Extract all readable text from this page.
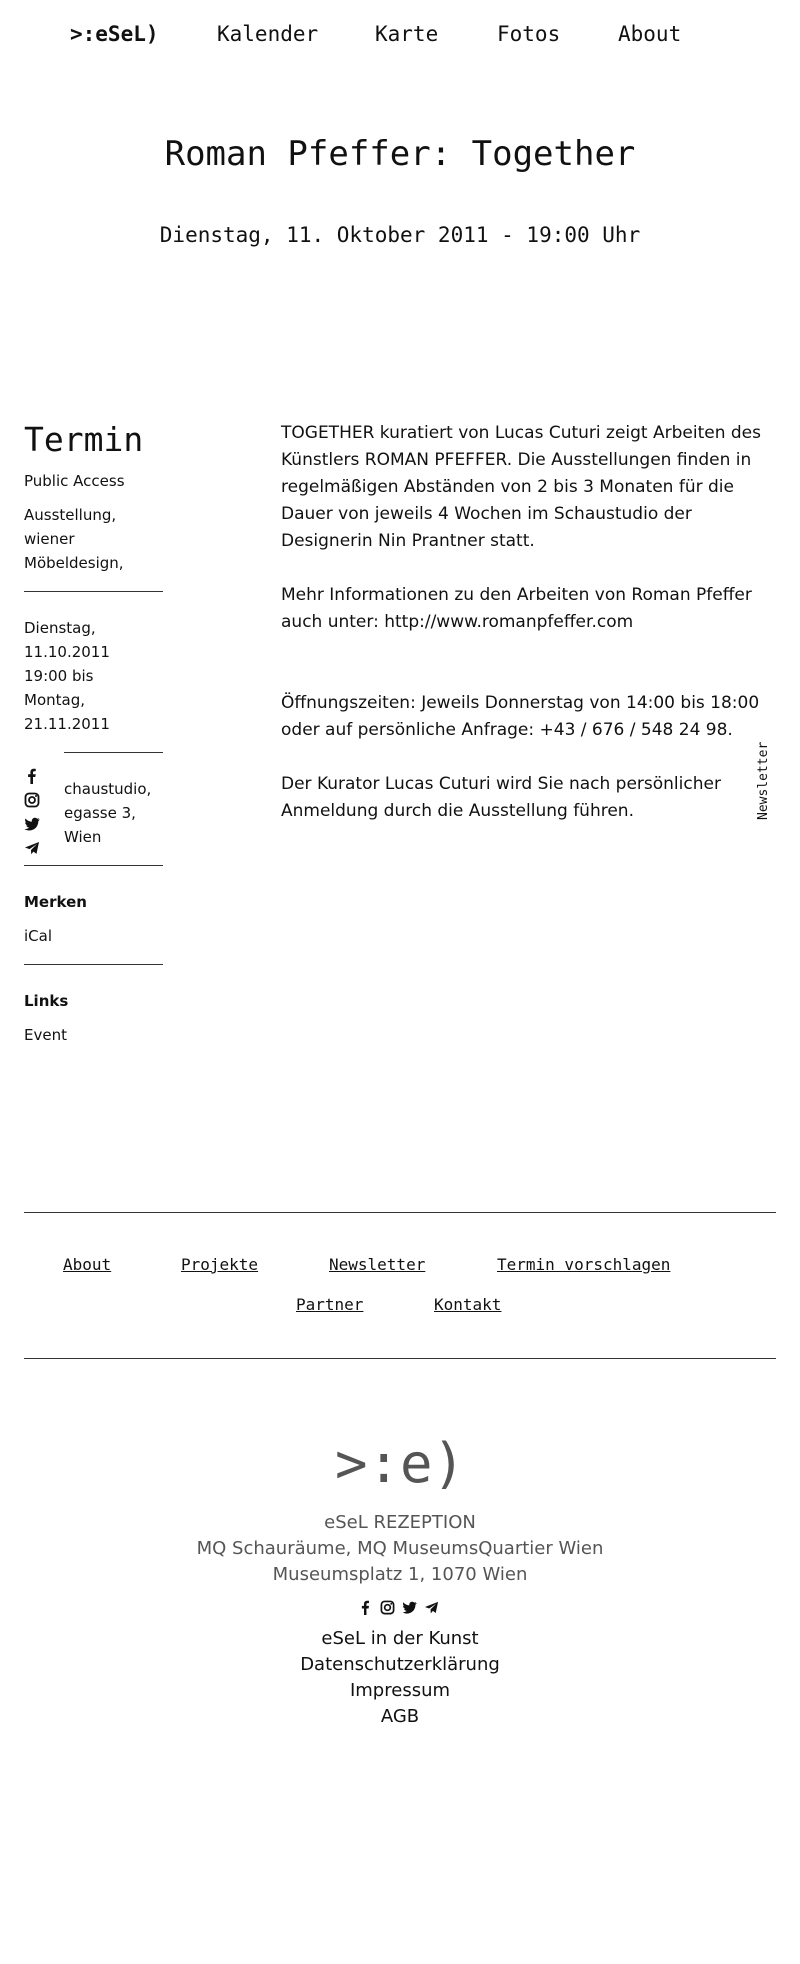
>:eSeL)	Kalender	Karte	Fotos	About
Roman Pfeffer: Together
Dienstag, 11. Oktober 2011 - 19:00 Uhr
Termin
Public Access
Ausstellung, wiener Möbeldesign,
Dienstag, 11.10.2011 19:00 bis Montag, 21.11.2011
chaustudio, egasse 3, Wien
Merken
iCal
Links
Event

TOGETHER kuratiert von Lucas Cuturi zeigt Arbeiten des Künstlers ROMAN PFEFFER. Die Ausstellungen finden in regelmäßigen Abständen von 2 bis 3 Monaten für die Dauer von jeweils 4 Wochen im Schaustudio der Designerin Nin Prantner statt.

Mehr Informationen zu den Arbeiten von Roman Pfeffer auch unter: http://www.romanpfeffer.com

Öffnungszeiten: Jeweils Donnerstag von 14:00 bis 18:00 oder auf persönliche Anfrage: +43 / 676 / 548 24 98.

Der Kurator Lucas Cuturi wird Sie nach persönlicher Anmeldung durch die Ausstellung führen.	Newsletter
About	Projekte	Newsletter	Termin vorschlagen
Partner	Kontakt
>:e)
eSeL REZEPTION
MQ Schauräume, MQ MuseumsQuartier Wien
Museumsplatz 1, 1070 Wien
eSeL in der Kunst
Datenschutzerklärung
Impressum
AGB
